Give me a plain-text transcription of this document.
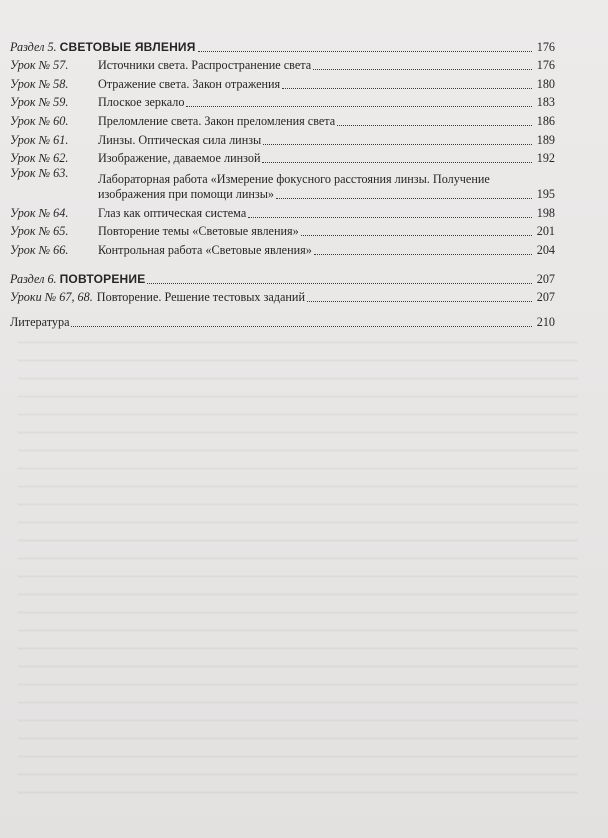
Раздел 5. СВЕТОВЫЕ ЯВЛЕНИЯ	176
Урок № 57.	Источники света. Распространение света	176
Урок № 58.	Отражение света. Закон отражения	180
Урок № 59.	Плоское зеркало	183
Урок № 60.	Преломление света. Закон преломления света	186
Урок № 61.	Линзы. Оптическая сила линзы	189
Урок № 62.	Изображение, даваемое линзой	192
Урок № 63.	Лабораторная работа «Измерение фокусного расстояния линзы. Получение
изображения при помощи линзы»	195
Урок № 64.	Глаз как оптическая система	198
Урок № 65.	Повторение темы «Световые явления»	201
Урок № 66.	Контрольная работа «Световые явления»	204
Раздел 6. ПОВТОРЕНИЕ	207
Уроки № 67, 68. Повторение. Решение тестовых заданий	207
Литература	210
